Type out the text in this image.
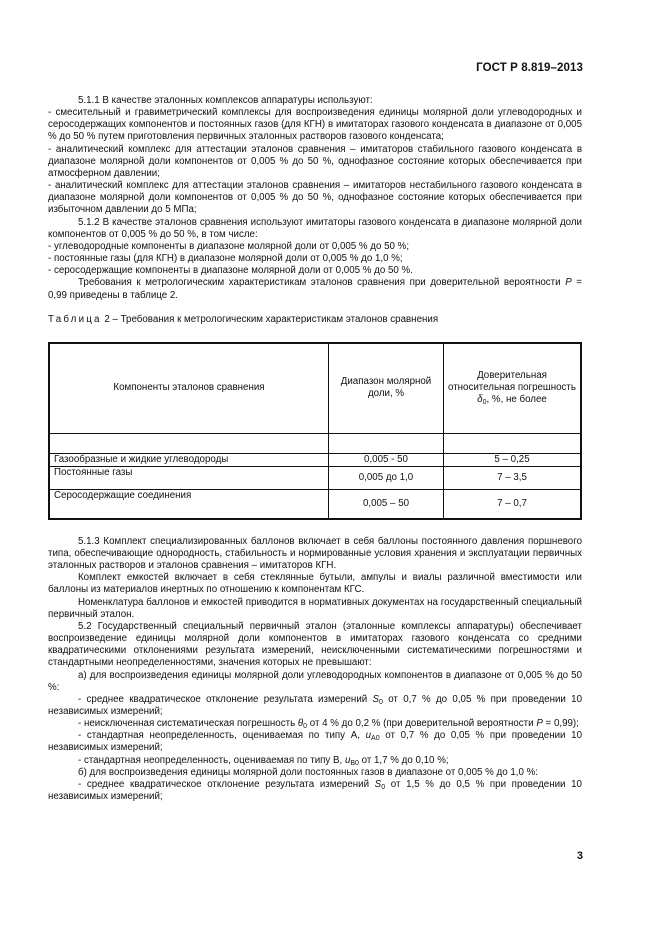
ГОСТ Р 8.819–2013

5.1.1 В качестве эталонных комплексов аппаратуры используют:

- смесительный и гравиметрический комплексы для воспроизведения единицы молярной доли углеводородных и серосодержащих компонентов и постоянных газов (для КГН) в имитаторах газового конденсата в диапазоне от 0,005 % до 50 % путем приготовления первичных эталонных растворов газового конденсата;

- аналитический комплекс для аттестации эталонов сравнения – имитаторов стабильного газового конденсата в диапазоне молярной доли компонентов от 0,005 % до 50 %, однофазное состояние которых обеспечивается при атмосферном давлении;

- аналитический комплекс для аттестации эталонов сравнения – имитаторов нестабильного газового конденсата в диапазоне молярной доли компонентов от 0,005 % до 50 %, однофазное состояние которых обеспечивается при избыточном давлении до 5 МПа;

5.1.2 В качестве эталонов сравнения используют имитаторы газового конденсата в диапазоне молярной доли компонентов от 0,005 % до 50 %, в том числе:

- углеводородные компоненты в диапазоне молярной доли от 0,005 % до 50 %;

- постоянные газы (для КГН) в диапазоне молярной доли от 0,005 % до 1,0 %;

- серосодержащие компоненты в диапазоне молярной доли от 0,005 % до 50 %.

Требования к метрологическим характеристикам эталонов сравнения при доверительной вероятности P = 0,99 приведены в таблице 2.

Таблица 2 – Требования к метрологическим характеристикам эталонов сравнения

Компоненты эталонов сравнения	Диапазон молярной доли, %	Доверительная относительная погрешность $\delta_0$, %, не более

Газообразные и жидкие углеводороды	0,005 - 50	5 – 0,25
Постоянные газы	0,005 до 1,0	7 – 3,5
Серосодержащие соединения	0,005 – 50	7 – 0,7

5.1.3 Комплект специализированных баллонов включает в себя баллоны постоянного давления поршневого типа, обеспечивающие однородность, стабильность и нормированные условия хранения и эксплуатации первичных эталонных растворов и эталонов сравнения – имитаторов КГН.

Комплект емкостей включает в себя стеклянные бутыли, ампулы и виалы различной вместимости или баллоны из материалов инертных по отношению к компонентам КГС.

Номенклатура баллонов и емкостей приводится в нормативных документах на государственный специальный первичный эталон.

5.2 Государственный специальный первичный эталон (эталонные комплексы аппаратуры) обеспечивает воспроизведение единицы молярной доли компонентов в имитаторах газового конденсата со средними квадратическими отклонениями результата измерений, неисключенными систематическими погрешностями и стандартными неопределенностями, значения которых не превышают:

а) для воспроизведения единицы молярной доли углеводородных компонентов в диапазоне от 0,005 % до 50 %:

- среднее квадратическое отклонение результата измерений $S_0$ от 0,7 % до 0,05 % при проведении 10 независимых измерений;

- неисключенная систематическая погрешность $\theta_0$ от 4 % до 0,2 % (при доверительной вероятности P = 0,99);

- стандартная неопределенность, оцениваемая по типу А, $u_{A0}$ от 0,7 % до 0,05 % при проведении 10 независимых измерений;

- стандартная неопределенность, оцениваемая по типу В, $u_{B0}$ от 1,7 % до 0,10 %;

б) для воспроизведения единицы молярной доли постоянных газов в диапазоне от 0,005 % до 1,0 %:

- среднее квадратическое отклонение результата измерений $S_0$ от 1,5 % до 0,5 % при проведении 10 независимых измерений;

3
